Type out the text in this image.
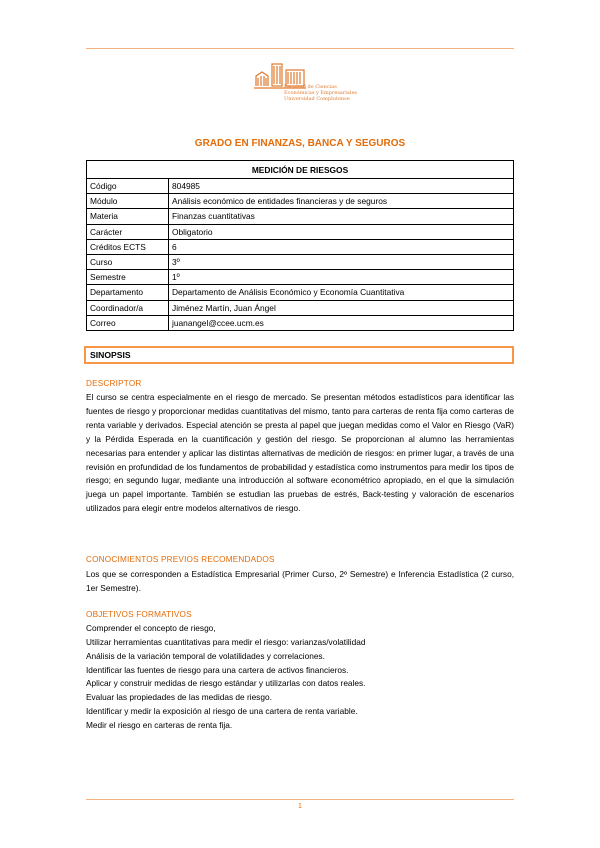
Facultad de Ciencias
Económicas y Empresariales
Universidad Complutense
GRADO EN FINANZAS, BANCA Y SEGUROS
MEDICIÓN DE RIESGOS	
Código	804985
Módulo	Análisis económico de entidades financieras y de seguros
Materia	Finanzas cuantitativas
Carácter	Obligatorio
Créditos ECTS	6
Curso	3º
Semestre	1º
Departamento	Departamento de Análisis Económico y Economía Cuantitativa
Coordinador/a	Jiménez Martín, Juan Ángel
Correo	juanangel@ccee.ucm.es
SINOPSIS
DESCRIPTOR
El curso se centra especialmente en el riesgo de mercado. Se presentan métodos estadísticos para identificar las fuentes de riesgo y proporcionar medidas cuantitativas del mismo, tanto para carteras de renta fija como carteras de renta variable y derivados. Especial atención se presta al papel que juegan medidas como el Valor en Riesgo (VaR) y la Pérdida Esperada en la cuantificación y gestión del riesgo. Se proporcionan al alumno las herramientas necesarias para entender y aplicar las distintas alternativas de medición de riesgos: en primer lugar, a través de una revisión en profundidad de los fundamentos de probabilidad y estadística como instrumentos para medir los tipos de riesgo; en segundo lugar, mediante una introducción al software econométrico apropiado, en el que la simulación juega un papel importante. También se estudian las pruebas de estrés, Back-testing y valoración de escenarios utilizados para elegir entre modelos alternativos de riesgo.
CONOCIMIENTOS PREVIOS RECOMENDADOS
Los que se corresponden a Estadística Empresarial (Primer Curso, 2º Semestre) e Inferencia Estadística (2 curso, 1er Semestre).
OBJETIVOS FORMATIVOS
Comprender el concepto de riesgo,
Utilizar herramientas cuantitativas para medir el riesgo: varianzas/volatilidad
Análisis de la variación temporal de volatilidades y correlaciones.
Identificar las fuentes de riesgo para una cartera de activos financieros.
Aplicar y construir medidas de riesgo estándar y utilizarlas con datos reales.
Evaluar las propiedades de las medidas de riesgo.
Identificar y medir la exposición al riesgo de una cartera de renta variable.
Medir el riesgo en carteras de renta fija.
1
